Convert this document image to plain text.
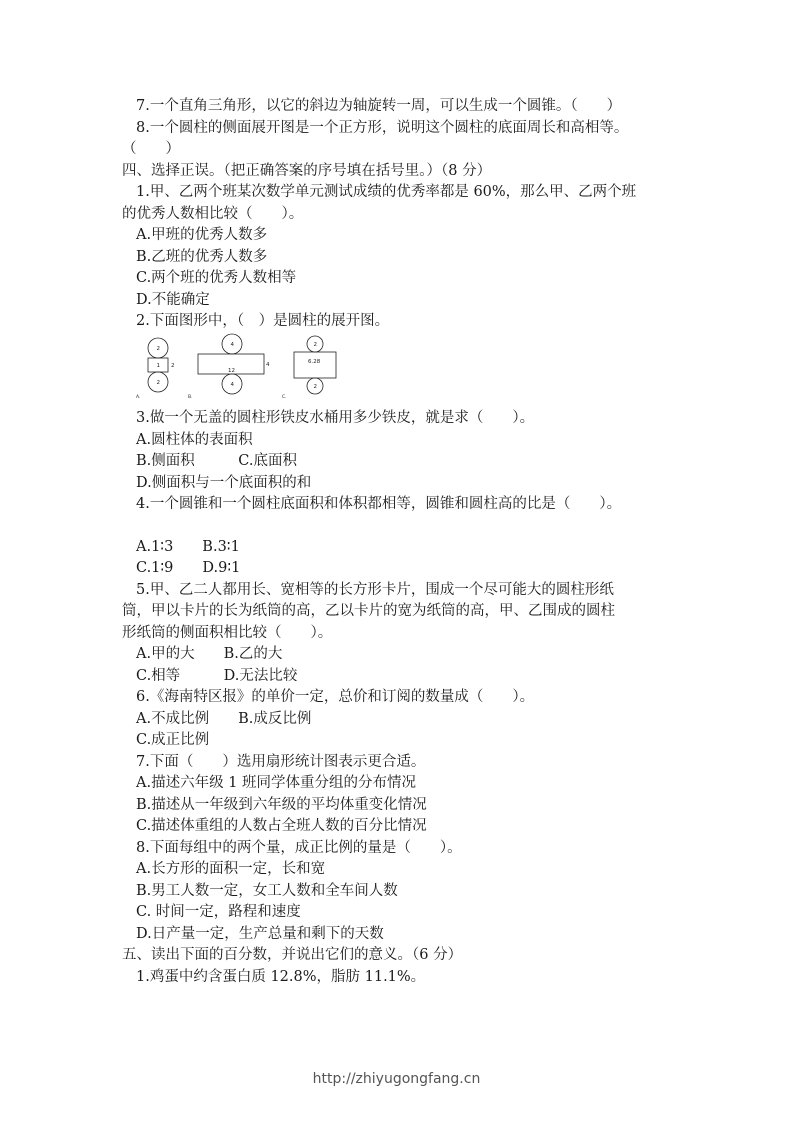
7.一个直角三角形，以它的斜边为轴旋转一周，可以生成一个圆锥。（　　）
8.一个圆柱的侧面展开图是一个正方形，说明这个圆柱的底面周长和高相等。
（　　）
四、选择正误。（把正确答案的序号填在括号里。）（8 分）
1.甲、乙两个班某次数学单元测试成绩的优秀率都是 60%，那么甲、乙两个班
的优秀人数相比较（　　）。
A.甲班的优秀人数多
B.乙班的优秀人数多
C.两个班的优秀人数相等
D.不能确定
2.下面图形中，（　）是圆柱的展开图。
2
1 2
2
A.
4
4
12
4
B.
2
6.28
2
C.
3.做一个无盖的圆柱形铁皮水桶用多少铁皮，就是求（　　）。
A.圆柱体的表面积
B.侧面积　　　C.底面积
D.侧面积与一个底面积的和
4.一个圆锥和一个圆柱底面积和体积都相等，圆锥和圆柱高的比是（　　）。
A.1∶3　　B.3∶1
C.1∶9　　D.9∶1
5.甲、乙二人都用长、宽相等的长方形卡片，围成一个尽可能大的圆柱形纸
筒，甲以卡片的长为纸筒的高，乙以卡片的宽为纸筒的高，甲、乙围成的圆柱
形纸筒的侧面积相比较（　　）。
A.甲的大　　B.乙的大
C.相等　　　D.无法比较
6.《海南特区报》的单价一定，总价和订阅的数量成（　　）。
A.不成比例　　B.成反比例
C.成正比例
7.下面（　　）选用扇形统计图表示更合适。
A.描述六年级 1 班同学体重分组的分布情况
B.描述从一年级到六年级的平均体重变化情况
C.描述体重组的人数占全班人数的百分比情况
8.下面每组中的两个量，成正比例的量是（　　）。
A.长方形的面积一定，长和宽
B.男工人数一定，女工人数和全车间人数
C. 时间一定，路程和速度
D.日产量一定，生产总量和剩下的天数
五、读出下面的百分数，并说出它们的意义。（6 分）
1.鸡蛋中约含蛋白质 12.8%，脂肪 11.1%。
http://zhiyugongfang.cn
